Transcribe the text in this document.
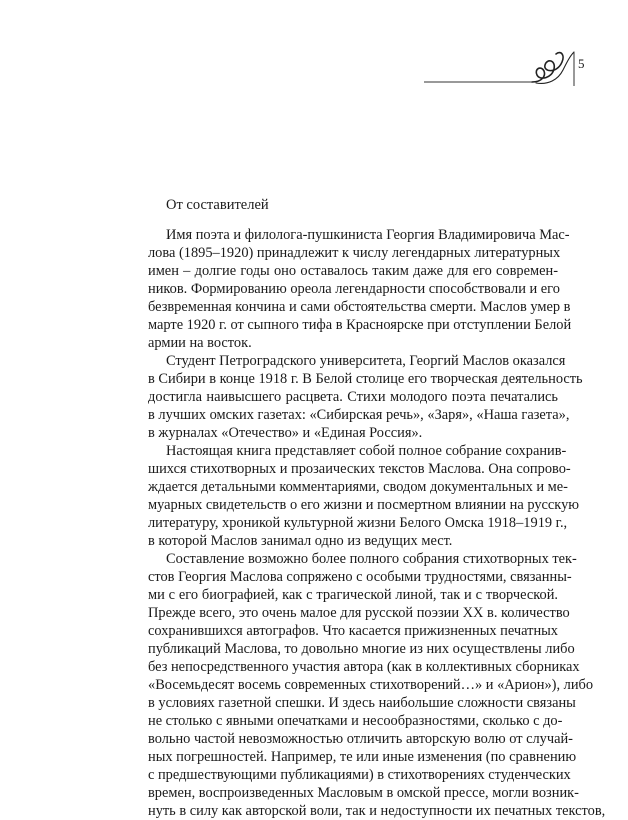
5
От составителей

Имя поэта и филолога-пушкиниста Георгия Владимировича Мас-
лова (1895–1920) принадлежит к числу легендарных литературных
имен – долгие годы оно оставалось таким даже для его современ-
ников. Формированию ореола легендарности способствовали и его
безвременная кончина и сами обстоятельства смерти. Маслов умер в
марте 1920 г. от сыпного тифа в Красноярске при отступлении Белой
армии на восток.

Студент Петроградского университета, Георгий Маслов оказался
в Сибири в конце 1918 г. В Белой столице его творческая деятельность
достигла наивысшего расцвета. Стихи молодого поэта печатались
в лучших омских газетах: «Сибирская речь», «Заря», «Наша газета»,
в журналах «Отечество» и «Единая Россия».

Настоящая книга представляет собой полное собрание сохранив-
шихся стихотворных и прозаических текстов Маслова. Она сопрово-
ждается детальными комментариями, сводом документальных и ме-
муарных свидетельств о его жизни и посмертном влиянии на русскую
литературу, хроникой культурной жизни Белого Омска 1918–1919 г.,
в которой Маслов занимал одно из ведущих мест.

Составление возможно более полного собрания стихотворных тек-
стов Георгия Маслова сопряжено с особыми трудностями, связанны-
ми с его биографией, как с трагической линой, так и с творческой.
Прежде всего, это очень малое для русской поэзии XX в. количество
сохранившихся автографов. Что касается прижизненных печатных
публикаций Маслова, то довольно многие из них осуществлены либо
без непосредственного участия автора (как в коллективных сборниках
«Восемьдесят восемь современных стихотворений…» и «Арион»), либо
в условиях газетной спешки. И здесь наибольшие сложности связаны
не столько с явными опечатками и несообразностями, сколько с до-
вольно частой невозможностью отличить авторскую волю от случай-
ных погрешностей. Например, те или иные изменения (по сравнению
с предшествующими публикациями) в стихотворениях студенческих
времен, воспроизведенных Масловым в омской прессе, могли возник-
нуть в силу как авторской воли, так и недоступности их печатных текстов,
